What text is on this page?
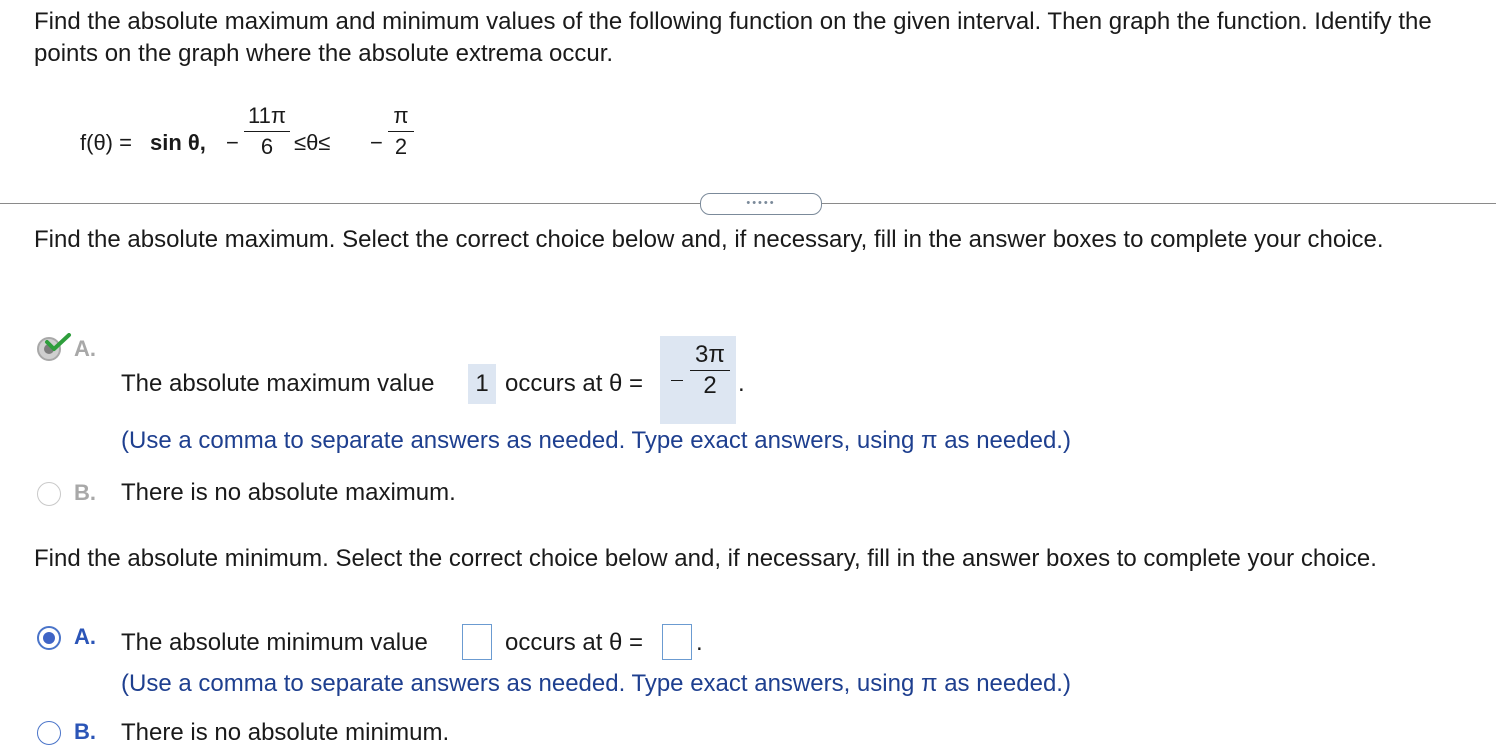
Find the absolute maximum and minimum values of the following function on the given interval. Then graph the function. Identify the points on the graph where the absolute extrema occur.
f(θ) = sin θ, −
11π
6 ≤θ≤ −
π
2
•••••
Find the absolute maximum. Select the correct choice below and, if necessary, fill in the answer boxes to complete your choice.
A.
The absolute maximum value	1 occurs at θ =
3π
2 .
(Use a comma to separate answers as needed. Type exact answers, using π as needed.)
B. There is no absolute maximum.
Find the absolute minimum. Select the correct choice below and, if necessary, fill in the answer boxes to complete your choice.
A. The absolute minimum value	occurs at θ = .
(Use a comma to separate answers as needed. Type exact answers, using π as needed.)
B. There is no absolute minimum.
